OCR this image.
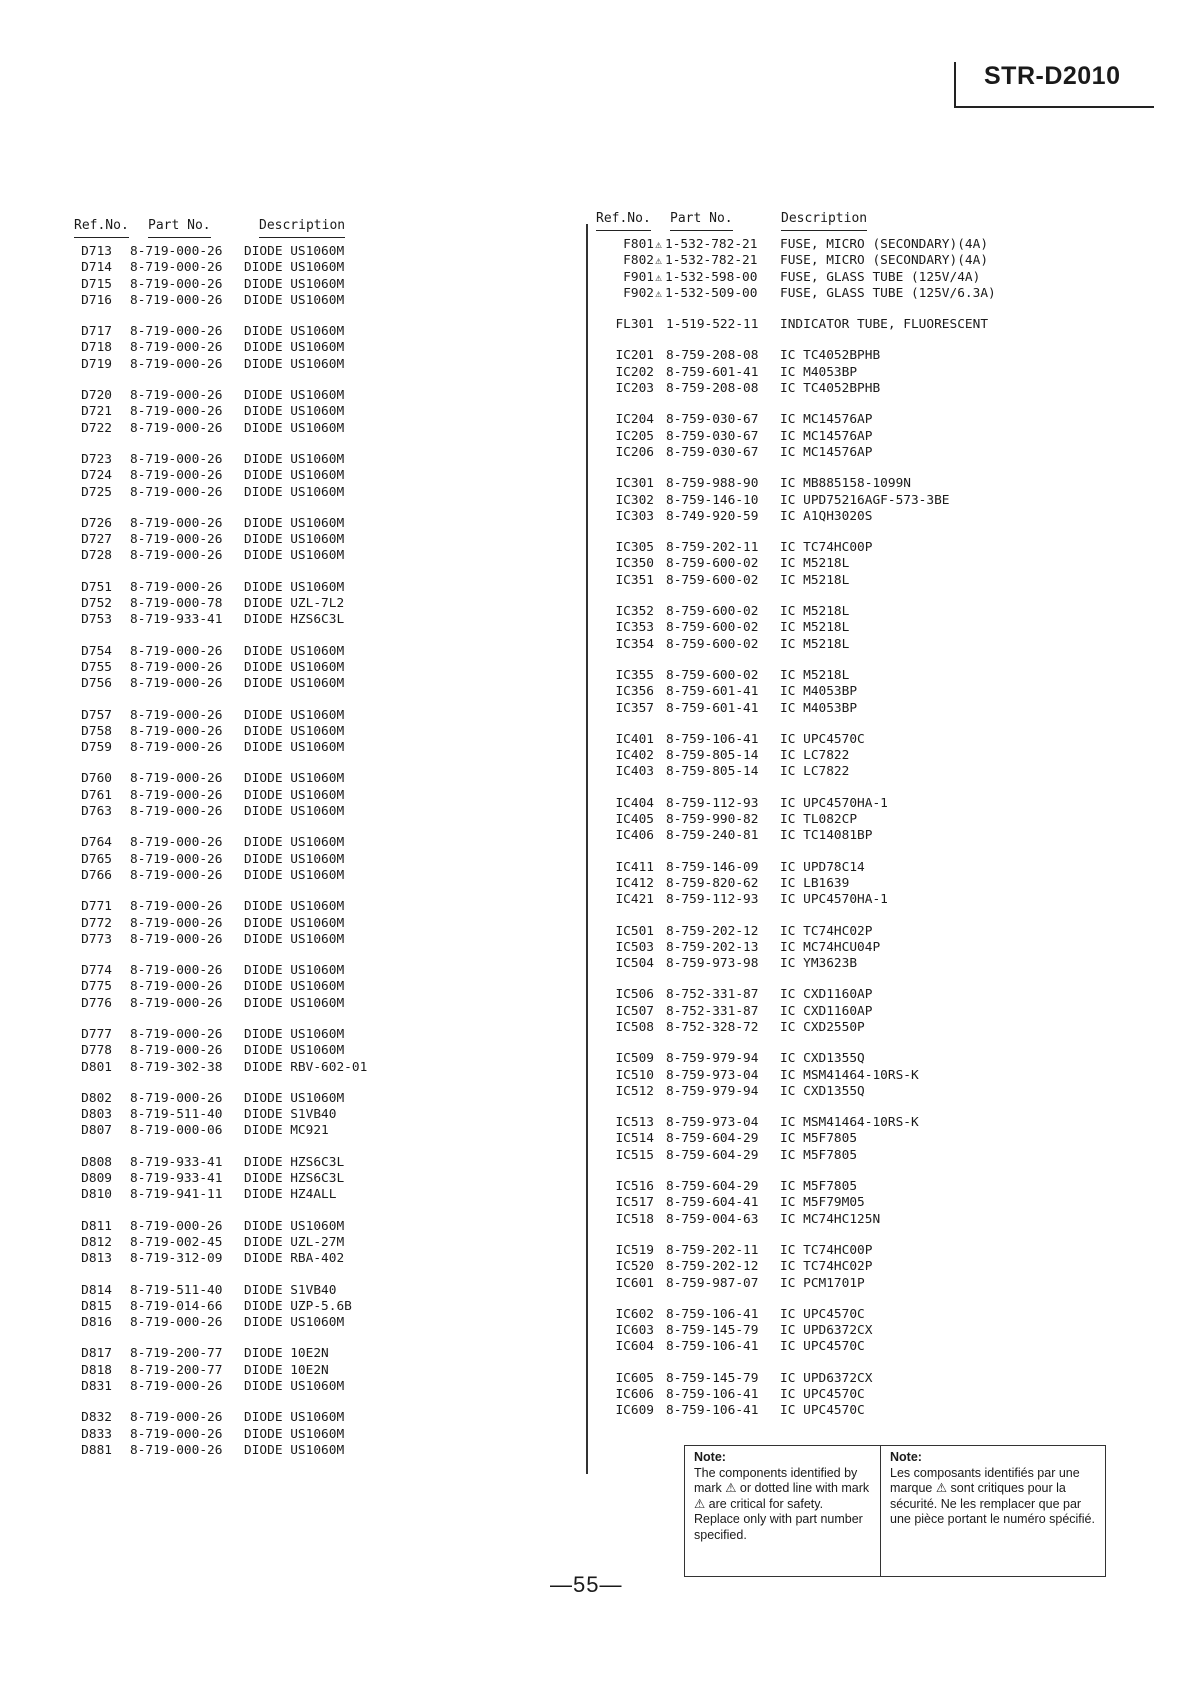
STR-D2010
Ref.No. Part No.	Description
D713	8-719-000-26	DIODE US1060M
D714	8-719-000-26	DIODE US1060M
D715	8-719-000-26	DIODE US1060M
D716	8-719-000-26	DIODE US1060M
D717	8-719-000-26	DIODE US1060M
D718	8-719-000-26	DIODE US1060M
D719	8-719-000-26	DIODE US1060M
D720	8-719-000-26	DIODE US1060M
D721	8-719-000-26	DIODE US1060M
D722	8-719-000-26	DIODE US1060M
D723	8-719-000-26	DIODE US1060M
D724	8-719-000-26	DIODE US1060M
D725	8-719-000-26	DIODE US1060M
D726	8-719-000-26	DIODE US1060M
D727	8-719-000-26	DIODE US1060M
D728	8-719-000-26	DIODE US1060M
D751	8-719-000-26	DIODE US1060M
D752	8-719-000-78	DIODE UZL-7L2
D753	8-719-933-41	DIODE HZS6C3L
D754	8-719-000-26	DIODE US1060M
D755	8-719-000-26	DIODE US1060M
D756	8-719-000-26	DIODE US1060M
D757	8-719-000-26	DIODE US1060M
D758	8-719-000-26	DIODE US1060M
D759	8-719-000-26	DIODE US1060M
D760	8-719-000-26	DIODE US1060M
D761	8-719-000-26	DIODE US1060M
D763	8-719-000-26	DIODE US1060M
D764	8-719-000-26	DIODE US1060M
D765	8-719-000-26	DIODE US1060M
D766	8-719-000-26	DIODE US1060M
D771	8-719-000-26	DIODE US1060M
D772	8-719-000-26	DIODE US1060M
D773	8-719-000-26	DIODE US1060M
D774	8-719-000-26	DIODE US1060M
D775	8-719-000-26	DIODE US1060M
D776	8-719-000-26	DIODE US1060M
D777	8-719-000-26	DIODE US1060M
D778	8-719-000-26	DIODE US1060M
D801	8-719-302-38	DIODE RBV-602-01
D802	8-719-000-26	DIODE US1060M
D803	8-719-511-40	DIODE S1VB40
D807	8-719-000-06	DIODE MC921
D808	8-719-933-41	DIODE HZS6C3L
D809	8-719-933-41	DIODE HZS6C3L
D810	8-719-941-11	DIODE HZ4ALL
D811	8-719-000-26	DIODE US1060M
D812	8-719-002-45	DIODE UZL-27M
D813	8-719-312-09	DIODE RBA-402
D814	8-719-511-40	DIODE S1VB40
D815	8-719-014-66	DIODE UZP-5.6B
D816	8-719-000-26	DIODE US1060M
D817	8-719-200-77	DIODE 10E2N
D818	8-719-200-77	DIODE 10E2N
D831	8-719-000-26	DIODE US1060M
D832	8-719-000-26	DIODE US1060M
D833	8-719-000-26	DIODE US1060M
D881	8-719-000-26	DIODE US1060M
Ref.No. Part No.	Description
F801 ⚠ 1-532-782-21	FUSE, MICRO (SECONDARY)(4A)
F802 ⚠ 1-532-782-21	FUSE, MICRO (SECONDARY)(4A)
F901 ⚠ 1-532-598-00	FUSE, GLASS TUBE (125V/4A)
F902 ⚠ 1-532-509-00	FUSE, GLASS TUBE (125V/6.3A)
FL301 1-519-522-11	INDICATOR TUBE, FLUORESCENT
IC201 8-759-208-08	IC TC4052BPHB
IC202 8-759-601-41	IC M4053BP
IC203 8-759-208-08	IC TC4052BPHB
IC204 8-759-030-67	IC MC14576AP
IC205 8-759-030-67	IC MC14576AP
IC206 8-759-030-67	IC MC14576AP
IC301 8-759-988-90	IC MB885158-1099N
IC302 8-759-146-10	IC UPD75216AGF-573-3BE
IC303 8-749-920-59	IC A1QH3020S
IC305 8-759-202-11	IC TC74HC00P
IC350 8-759-600-02	IC M5218L
IC351 8-759-600-02	IC M5218L
IC352 8-759-600-02	IC M5218L
IC353 8-759-600-02	IC M5218L
IC354 8-759-600-02	IC M5218L
IC355 8-759-600-02	IC M5218L
IC356 8-759-601-41	IC M4053BP
IC357 8-759-601-41	IC M4053BP
IC401 8-759-106-41	IC UPC4570C
IC402 8-759-805-14	IC LC7822
IC403 8-759-805-14	IC LC7822
IC404 8-759-112-93	IC UPC4570HA-1
IC405 8-759-990-82	IC TL082CP
IC406 8-759-240-81	IC TC14081BP
IC411 8-759-146-09	IC UPD78C14
IC412 8-759-820-62	IC LB1639
IC421 8-759-112-93	IC UPC4570HA-1
IC501 8-759-202-12	IC TC74HC02P
IC503 8-759-202-13	IC MC74HCU04P
IC504 8-759-973-98	IC YM3623B
IC506 8-752-331-87	IC CXD1160AP
IC507 8-752-331-87	IC CXD1160AP
IC508 8-752-328-72	IC CXD2550P
IC509 8-759-979-94	IC CXD1355Q
IC510 8-759-973-04	IC MSM41464-10RS-K
IC512 8-759-979-94	IC CXD1355Q
IC513 8-759-973-04	IC MSM41464-10RS-K
IC514 8-759-604-29	IC M5F7805
IC515 8-759-604-29	IC M5F7805
IC516 8-759-604-29	IC M5F7805
IC517 8-759-604-41	IC M5F79M05
IC518 8-759-004-63	IC MC74HC125N
IC519 8-759-202-11	IC TC74HC00P
IC520 8-759-202-12	IC TC74HC02P
IC601 8-759-987-07	IC PCM1701P
IC602 8-759-106-41	IC UPC4570C
IC603 8-759-145-79	IC UPD6372CX
IC604 8-759-106-41	IC UPC4570C
IC605 8-759-145-79	IC UPD6372CX
IC606 8-759-106-41	IC UPC4570C
IC609 8-759-106-41	IC UPC4570C
Note:
The components identified by mark ⚠ or dotted line with mark ⚠ are critical for safety. Replace only with part number specified.
Note:
Les composants identifiés par une marque ⚠ sont critiques pour la sécurité. Ne les remplacer que par une pièce portant le numéro spécifié.
—55—
